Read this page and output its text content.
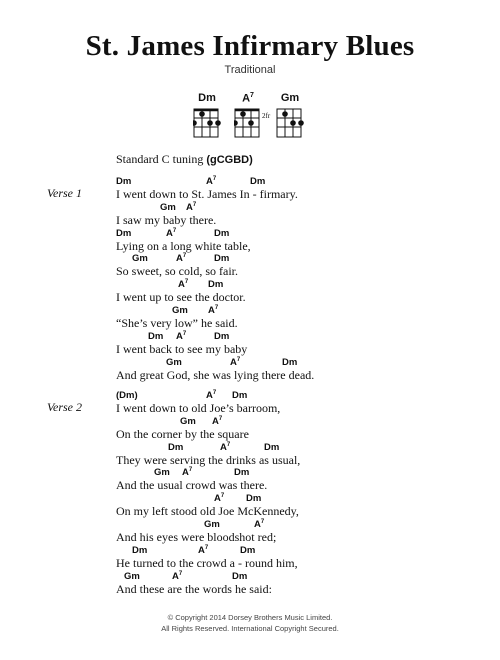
St. James Infirmary Blues
Traditional
Dm	$A^7$	Gm
2fr
Standard C tuning (gCGBD)
Verse 1
Dm	$A^7$	Dm
I went down to St. James In - firmary.
Gm $A^7$
I saw my baby there.
Dm	$A^7$	Dm
Lying on a long white table,
Gm	$A^7$	Dm
So sweet, so cold, so fair.
$A^7$ Dm
I went up to see the doctor.
Gm $A^7$
“She’s very low” he said.
Dm $A^7$	Dm
I went back to see my baby
Gm	$A^7$	Dm
And great God, she was lying there dead.
Verse 2
(Dm)	$A^7$ Dm
I went down to old Joe’s barroom,
Gm $A^7$
On the corner by the square
Dm	$A^7$	Dm
They were serving the drinks as usual,
Gm $A^7$	Dm
And the usual crowd was there.
$A^7$ Dm
On my left stood old Joe McKennedy,
Gm	$A^7$
And his eyes were bloodshot red;
Dm	$A^7$	Dm
He turned to the crowd a - round him,
Gm	$A^7$	Dm
And these are the words he said:
© Copyright 2014 Dorsey Brothers Music Limited.
All Rights Reserved. International Copyright Secured.
